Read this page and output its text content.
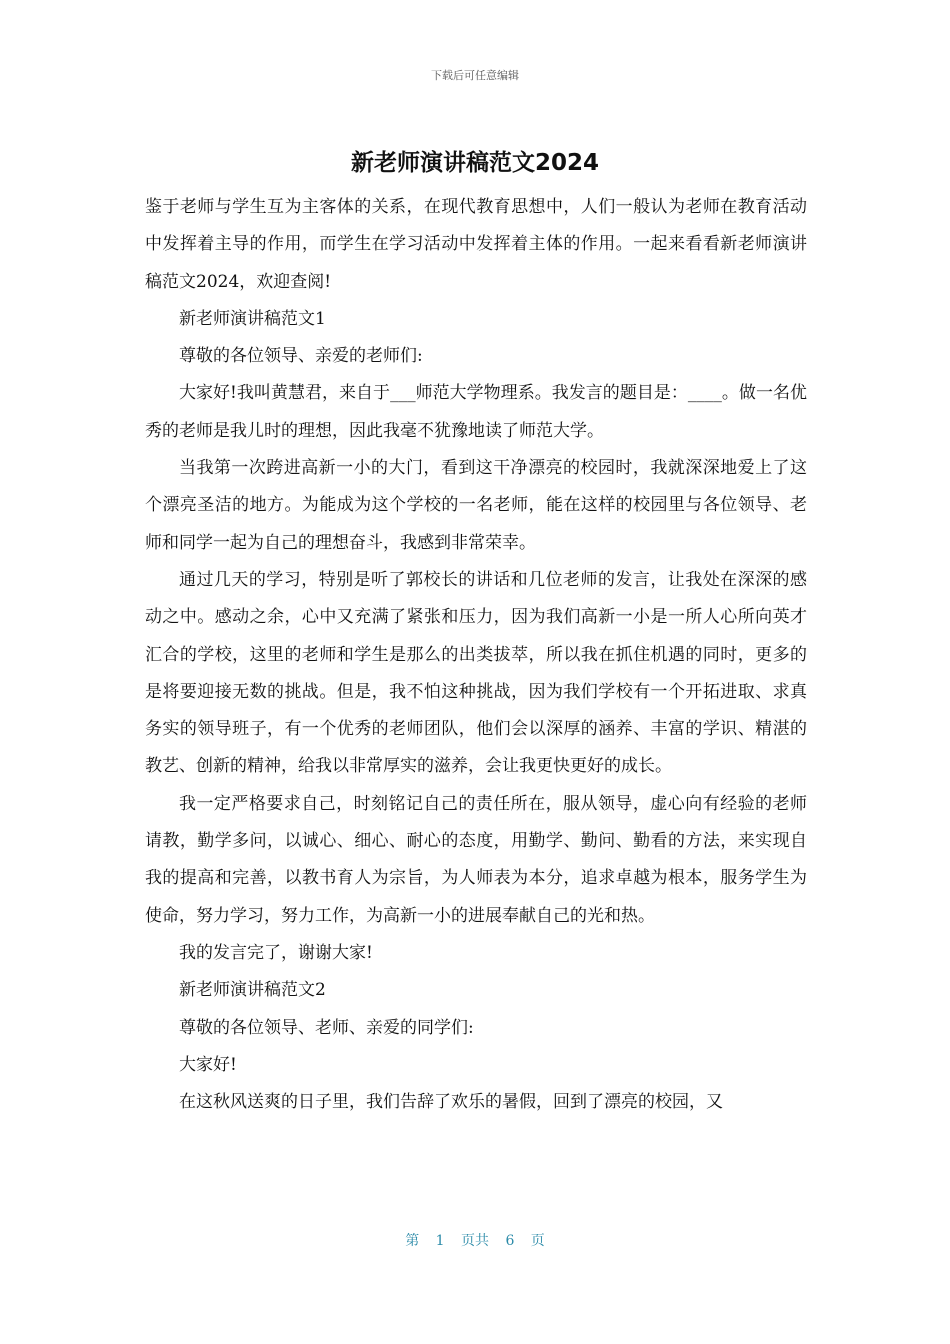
下载后可任意编辑
新老师演讲稿范文2024

鉴于老师与学生互为主客体的关系，在现代教育思想中，人们一般认为老师在教育活动中发挥着主导的作用，而学生在学习活动中发挥着主体的作用。一起来看看新老师演讲稿范文2024，欢迎查阅!

新老师演讲稿范文1

尊敬的各位领导、亲爱的老师们:

大家好!我叫黄慧君，来自于___师范大学物理系。我发言的题目是：____。做一名优秀的老师是我儿时的理想，因此我毫不犹豫地读了师范大学。

当我第一次跨进高新一小的大门，看到这干净漂亮的校园时，我就深深地爱上了这个漂亮圣洁的地方。为能成为这个学校的一名老师，能在这样的校园里与各位领导、老师和同学一起为自己的理想奋斗，我感到非常荣幸。

通过几天的学习，特别是听了郭校长的讲话和几位老师的发言，让我处在深深的感动之中。感动之余，心中又充满了紧张和压力，因为我们高新一小是一所人心所向英才汇合的学校，这里的老师和学生是那么的出类拔萃，所以我在抓住机遇的同时，更多的是将要迎接无数的挑战。但是，我不怕这种挑战，因为我们学校有一个开拓进取、求真务实的领导班子，有一个优秀的老师团队，他们会以深厚的涵养、丰富的学识、精湛的教艺、创新的精神，给我以非常厚实的滋养，会让我更快更好的成长。

我一定严格要求自己，时刻铭记自己的责任所在，服从领导，虚心向有经验的老师请教，勤学多问，以诚心、细心、耐心的态度，用勤学、勤问、勤看的方法，来实现自我的提高和完善，以教书育人为宗旨，为人师表为本分，追求卓越为根本，服务学生为使命，努力学习，努力工作，为高新一小的进展奉献自己的光和热。

我的发言完了，谢谢大家!

新老师演讲稿范文2

尊敬的各位领导、老师、亲爱的同学们:

大家好!

在这秋风送爽的日子里，我们告辞了欢乐的暑假，回到了漂亮的校园，又

第 1 页共 6 页
